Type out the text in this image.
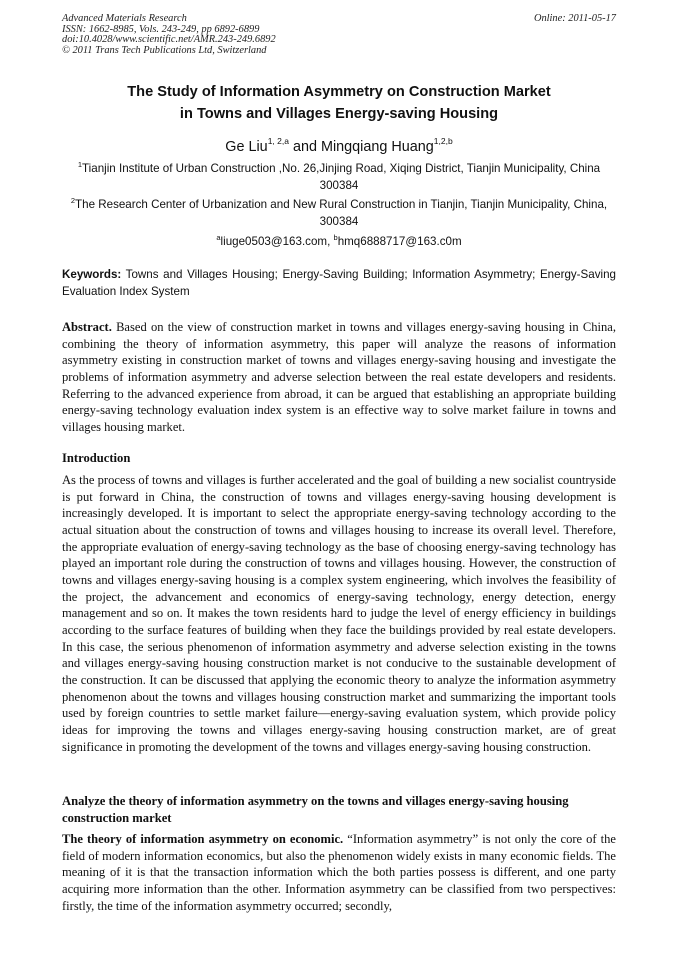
Advanced Materials Research
ISSN: 1662-8985, Vols. 243-249, pp 6892-6899
doi:10.4028/www.scientific.net/AMR.243-249.6892
© 2011 Trans Tech Publications Ltd, Switzerland
Online: 2011-05-17
The Study of Information Asymmetry on Construction Market
in Towns and Villages Energy-saving Housing
Ge Liu$^{1, 2,a}$ and Mingqiang Huang$^{1,2,b}$
$^1$Tianjin Institute of Urban Construction ,No. 26,Jinjing Road, Xiqing District, Tianjin Municipality, China 300384
$^2$The Research Center of Urbanization and New Rural Construction in Tianjin, Tianjin Municipality, China, 300384
$^a$liuge0503@163.com, $^b$hmq6888717@163.c0m
Keywords: Towns and Villages Housing; Energy-Saving Building; Information Asymmetry; Energy-Saving Evaluation Index System
Abstract. Based on the view of construction market in towns and villages energy-saving housing in China, combining the theory of information asymmetry, this paper will analyze the reasons of information asymmetry existing in construction market of towns and villages energy-saving housing and investigate the problems of information asymmetry and adverse selection between the real estate developers and residents. Referring to the advanced experience from abroad, it can be argued that establishing an appropriate building energy-saving technology evaluation index system is an effective way to solve market failure in towns and villages housing market.
Introduction
As the process of towns and villages is further accelerated and the goal of building a new socialist countryside is put forward in China, the construction of towns and villages energy-saving housing development is increasingly developed. It is important to select the appropriate energy-saving technology according to the actual situation about the construction of towns and villages housing to increase its overall level. Therefore, the appropriate evaluation of energy-saving technology as the base of choosing energy-saving technology has played an important role during the construction of towns and villages housing. However, the construction of towns and villages energy-saving housing is a complex system engineering, which involves the feasibility of the project, the advancement and economics of energy-saving technology, energy detection, energy management and so on. It makes the town residents hard to judge the level of energy efficiency in buildings according to the surface features of building when they face the buildings provided by real estate developers. In this case, the serious phenomenon of information asymmetry and adverse selection existing in the towns and villages energy-saving housing construction market is not conducive to the sustainable development of the construction. It can be discussed that applying the economic theory to analyze the information asymmetry phenomenon about the towns and villages housing construction market and summarizing the important tools used by foreign countries to settle market failure—energy-saving evaluation system, which provide policy ideas for improving the towns and villages energy-saving housing construction market, are of great significance in promoting the development of the towns and villages energy-saving housing construction.
Analyze the theory of information asymmetry on the towns and villages energy-saving housing construction market
The theory of information asymmetry on economic. “Information asymmetry” is not only the core of the field of modern information economics, but also the phenomenon widely exists in many economic fields. The meaning of it is that the transaction information which the both parties possess is different, and one party acquiring more information than the other. Information asymmetry can be classified from two perspectives: firstly, the time of the information asymmetry occurred; secondly,
